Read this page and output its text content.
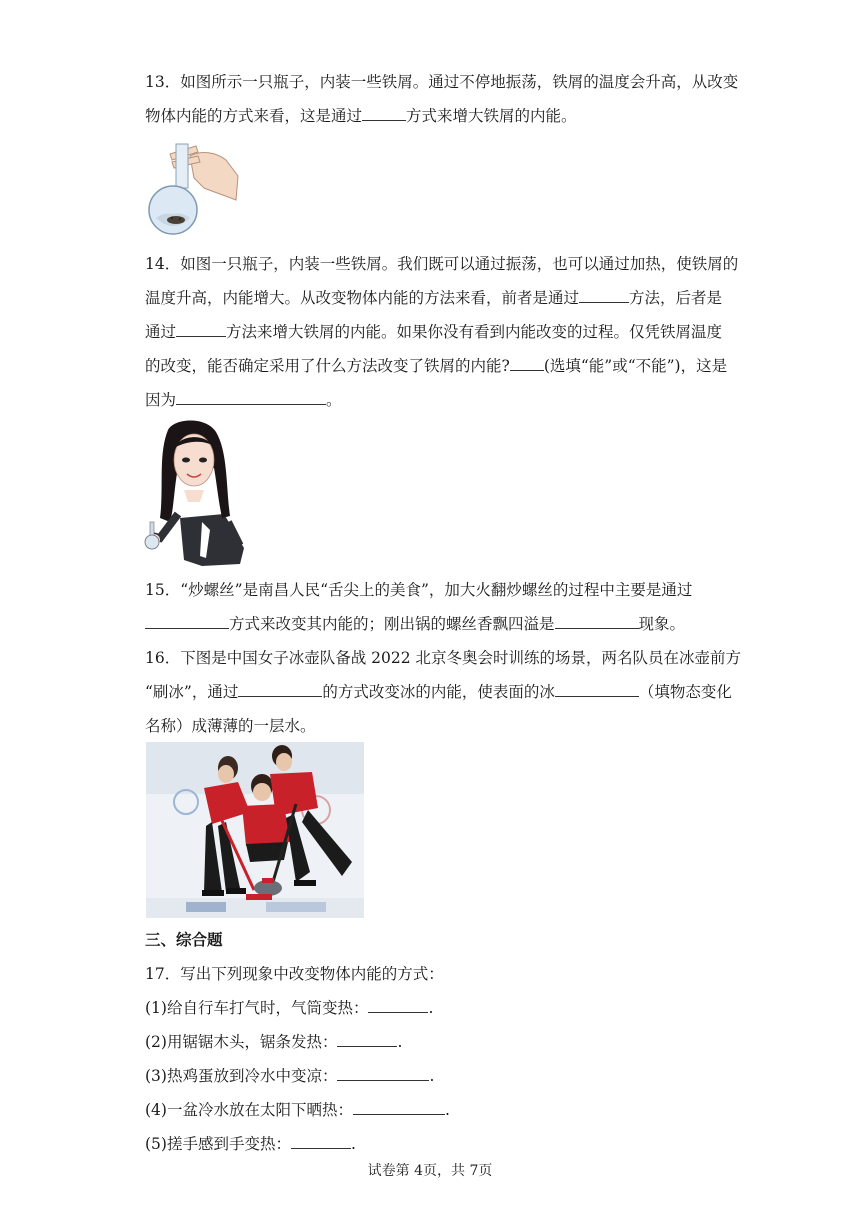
13．如图所示一只瓶子，内装一些铁屑。通过不停地振荡，铁屑的温度会升高，从改变
物体内能的方式来看，这是通过	方式来增大铁屑的内能。
14．如图一只瓶子，内装一些铁屑。我们既可以通过振荡，也可以通过加热，使铁屑的
温度升高，内能增大。从改变物体内能的方法来看，前者是通过	方法，后者是
通过	方法来增大铁屑的内能。如果你没有看到内能改变的过程。仅凭铁屑温度
的改变，能否确定采用了什么方法改变了铁屑的内能? (选填“能”或“不能”)，这是
因为	。
15．“炒螺丝”是南昌人民“舌尖上的美食”，加大火翻炒螺丝的过程中主要是通过
方式来改变其内能的；刚出锅的螺丝香飘四溢是	现象。
16．下图是中国女子冰壶队备战 2022 北京冬奥会时训练的场景，两名队员在冰壶前方
“刷冰”，通过	的方式改变冰的内能，使表面的冰	（填物态变化
名称）成薄薄的一层水。
三、综合题
17．写出下列现象中改变物体内能的方式：
(1)给自行车打气时，气筒变热：	.
(2)用锯锯木头，锯条发热：	.
(3)热鸡蛋放到冷水中变凉：	.
(4)一盆冷水放在太阳下晒热：	.
(5)搓手感到手变热：	.
试卷第 4页，共 7页
